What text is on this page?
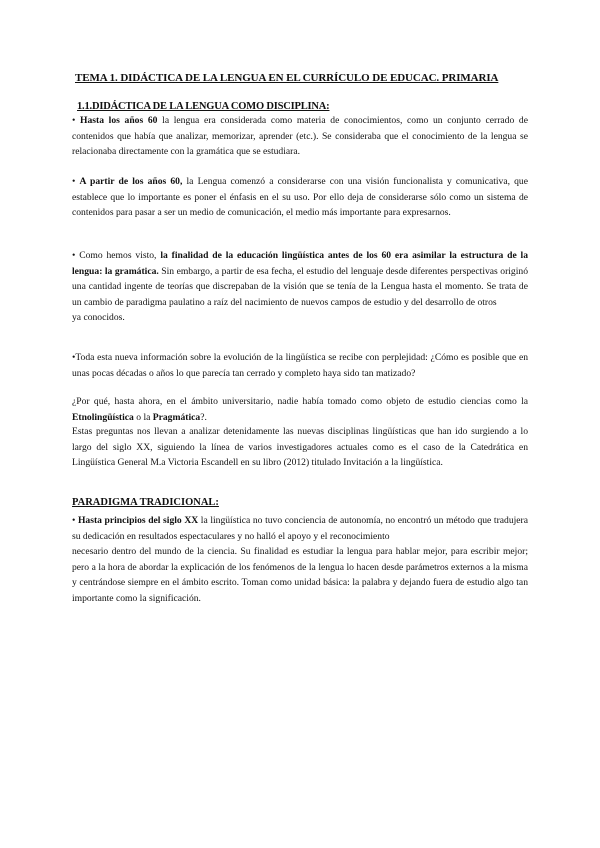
TEMA 1. DIDÁCTICA DE LA LENGUA EN EL CURRÍCULO DE EDUCAC. PRIMARIA
1.1.DIDÁCTICA DE LA LENGUA COMO DISCIPLINA:
• Hasta los años 60 la lengua era considerada como materia de conocimientos, como un conjunto cerrado de contenidos que había que analizar, memorizar, aprender (etc.). Se consideraba que el conocimiento de la lengua se relacionaba directamente con la gramática que se estudiara.
• A partir de los años 60, la Lengua comenzó a considerarse con una visión funcionalista y comunicativa, que establece que lo importante es poner el énfasis en el su uso. Por ello deja de considerarse sólo como un sistema de contenidos para pasar a ser un medio de comunicación, el medio más importante para expresarnos.
• Como hemos visto, la finalidad de la educación lingüística antes de los 60 era asimilar la estructura de la lengua: la gramática. Sin embargo, a partir de esa fecha, el estudio del lenguaje desde diferentes perspectivas originó una cantidad ingente de teorías que discrepaban de la visión que se tenía de la Lengua hasta el momento. Se trata de un cambio de paradigma paulatino a raíz del nacimiento de nuevos campos de estudio y del desarrollo de otros
ya conocidos.
•Toda esta nueva información sobre la evolución de la lingüística se recibe con perplejidad: ¿Cómo es posible que en unas pocas décadas o años lo que parecía tan cerrado y completo haya sido tan matizado?
¿Por qué, hasta ahora, en el ámbito universitario, nadie había tomado como objeto de estudio ciencias como la Etnolingüística o la Pragmática?.
Estas preguntas nos llevan a analizar detenidamente las nuevas disciplinas lingüísticas que han ido surgiendo a lo largo del siglo XX, siguiendo la línea de varios investigadores actuales como es el caso de la Catedrática en Lingüística General M.a Victoria Escandell en su libro (2012) titulado Invitación a la lingüística.
PARADIGMA TRADICIONAL:
• Hasta principios del siglo XX la lingüística no tuvo conciencia de autonomía, no encontró un método que tradujera su dedicación en resultados espectaculares y no halló el apoyo y el reconocimiento
necesario dentro del mundo de la ciencia. Su finalidad es estudiar la lengua para hablar mejor, para escribir mejor; pero a la hora de abordar la explicación de los fenómenos de la lengua lo hacen desde parámetros externos a la misma y centrándose siempre en el ámbito escrito. Toman como unidad básica: la palabra y dejando fuera de estudio algo tan importante como la significación.
